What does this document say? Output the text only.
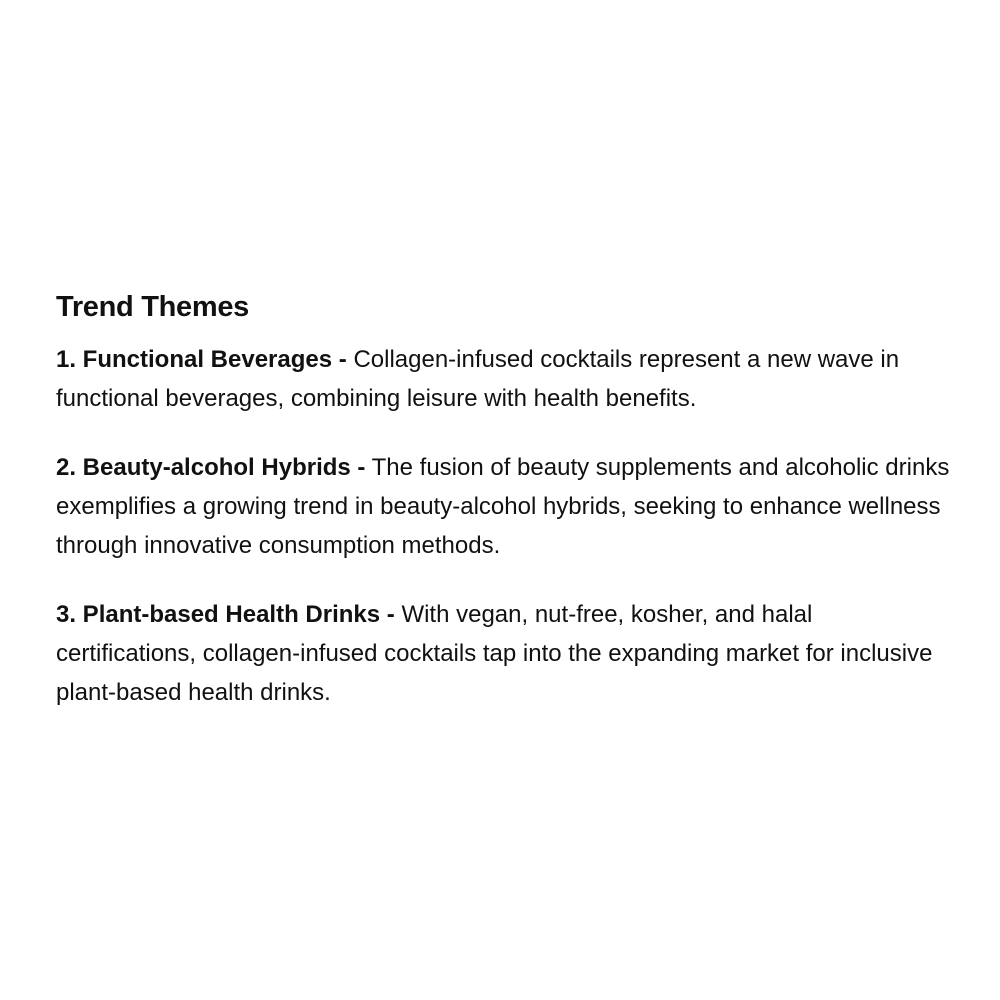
Trend Themes

1. Functional Beverages - Collagen-infused cocktails represent a new wave in functional beverages, combining leisure with health benefits.

2. Beauty-alcohol Hybrids - The fusion of beauty supplements and alcoholic drinks exemplifies a growing trend in beauty-alcohol hybrids, seeking to enhance wellness through innovative consumption methods.

3. Plant-based Health Drinks - With vegan, nut-free, kosher, and halal certifications, collagen-infused cocktails tap into the expanding market for inclusive plant-based health drinks.
